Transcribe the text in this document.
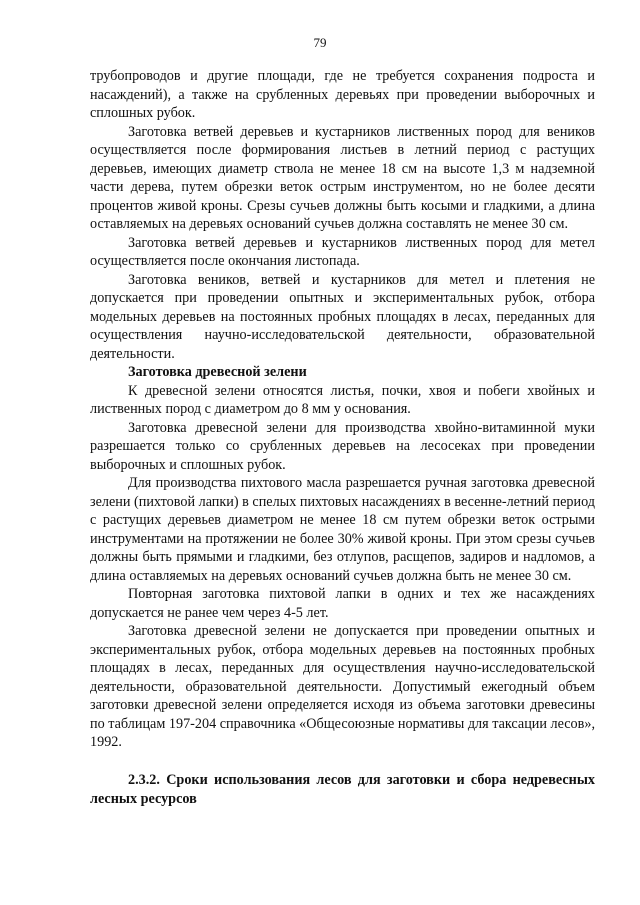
79

трубопроводов и другие площади, где не требуется сохранения подроста и насаждений), а также на срубленных деревьях при проведении выборочных и сплошных рубок.

Заготовка ветвей деревьев и кустарников лиственных пород для веников осуществляется после формирования листьев в летний период с растущих деревьев, имеющих диаметр ствола не менее 18 см на высоте 1,3 м надземной части дерева, путем обрезки веток острым инструментом, но не более десяти процентов живой кроны. Срезы сучьев должны быть косыми и гладкими, а длина оставляемых на деревьях оснований сучьев должна составлять не менее 30 см.

Заготовка ветвей деревьев и кустарников лиственных пород для метел осуществляется после окончания листопада.

Заготовка веников, ветвей и кустарников для метел и плетения не допускается при проведении опытных и экспериментальных рубок, отбора модельных деревьев на постоянных пробных площадях в лесах, переданных для осуществления научно-исследовательской деятельности, образовательной деятельности.

Заготовка древесной зелени

К древесной зелени относятся листья, почки, хвоя и побеги хвойных и лиственных пород с диаметром до 8 мм у основания.

Заготовка древесной зелени для производства хвойно-витаминной муки разрешается только со срубленных деревьев на лесосеках при проведении выборочных и сплошных рубок.

Для производства пихтового масла разрешается ручная заготовка древесной зелени (пихтовой лапки) в спелых пихтовых насаждениях в весенне-летний период с растущих деревьев диаметром не менее 18 см путем обрезки веток острыми инструментами на протяжении не более 30% живой кроны. При этом срезы сучьев должны быть прямыми и гладкими, без отлупов, расщепов, задиров и надломов, а длина оставляемых на деревьях оснований сучьев должна быть не менее 30 см.

Повторная заготовка пихтовой лапки в одних и тех же насаждениях допускается не ранее чем через 4-5 лет.

Заготовка древесной зелени не допускается при проведении опытных и экспериментальных рубок, отбора модельных деревьев на постоянных пробных площадях в лесах, переданных для осуществления научно-исследовательской деятельности, образовательной деятельности. Допустимый ежегодный объем заготовки древесной зелени определяется исходя из объема заготовки древесины по таблицам 197-204 справочника «Общесоюзные нормативы для таксации лесов», 1992.

2.3.2. Сроки использования лесов для заготовки и сбора недревесных лесных ресурсов
